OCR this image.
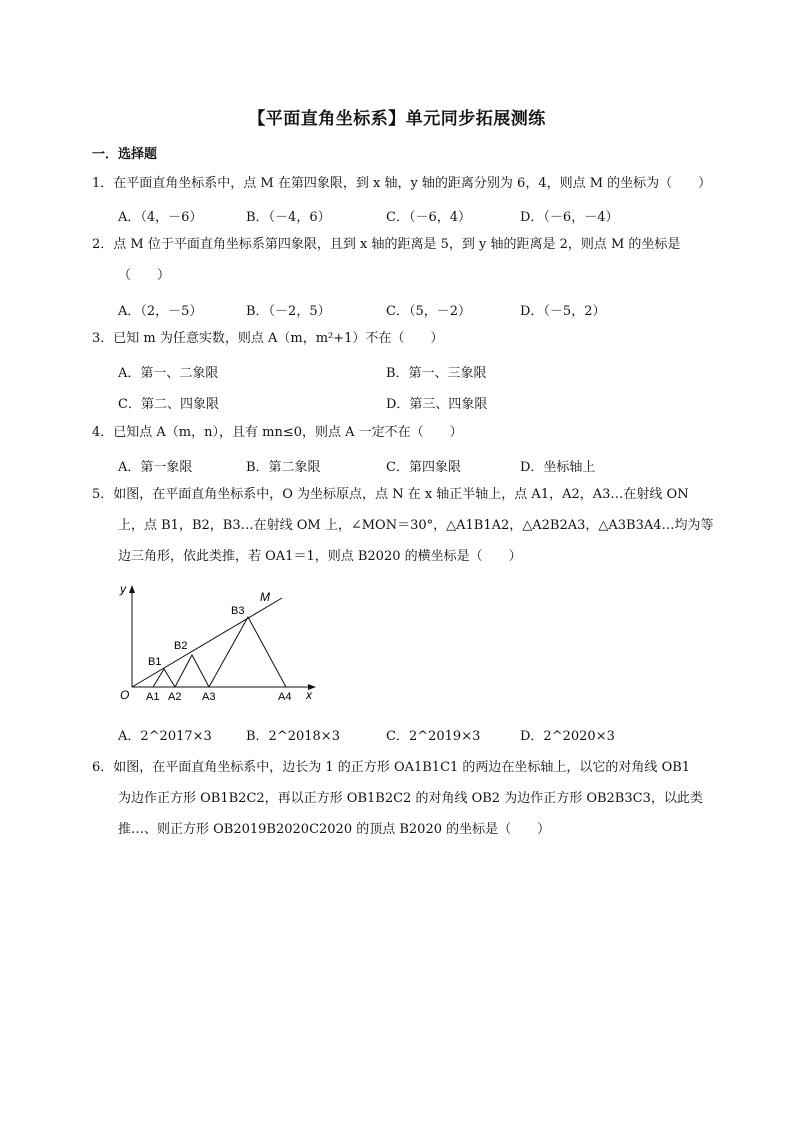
【平面直角坐标系】单元同步拓展测练
一．选择题
1．在平面直角坐标系中，点 M 在第四象限，到 x 轴，y 轴的距离分别为 6，4，则点 M 的坐标为（　　）
A．（4，－6）	B．（－4，6）	C．（－6，4）	D．（－6，－4）
2．点 M 位于平面直角坐标系第四象限，且到 x 轴的距离是 5，到 y 轴的距离是 2，则点 M 的坐标是
（　　）
A．（2，－5）	B．（－2，5）	C．（5，－2）	D．（－5，2）
3．已知 m 为任意实数，则点 A（m，m²+1）不在（　　）
A．第一、二象限	B．第一、三象限
C．第二、四象限	D．第三、四象限
4．已知点 A（m，n），且有 mn≤0，则点 A 一定不在（　　）
A．第一象限	B．第二象限	C．第四象限	D．坐标轴上
5．如图，在平面直角坐标系中，O 为坐标原点，点 N 在 x 轴正半轴上，点 A1，A2，A3…在射线 ON
上，点 B1，B2，B3…在射线 OM 上，∠MON＝30°，△A1B1A2，△A2B2A3，△A3B3A4…均为等
边三角形，依此类推，若 OA1＝1，则点 B2020 的横坐标是（　　）
y
x
O
M
A1 A2 A3	A4
B1
B2
B3
A．2^2017×3	B．2^2018×3	C．2^2019×3	D．2^2020×3
6．如图，在平面直角坐标系中，边长为 1 的正方形 OA1B1C1 的两边在坐标轴上，以它的对角线 OB1
为边作正方形 OB1B2C2，再以正方形 OB1B2C2 的对角线 OB2 为边作正方形 OB2B3C3，以此类
推…、则正方形 OB2019B2020C2020 的顶点 B2020 的坐标是（　　）
